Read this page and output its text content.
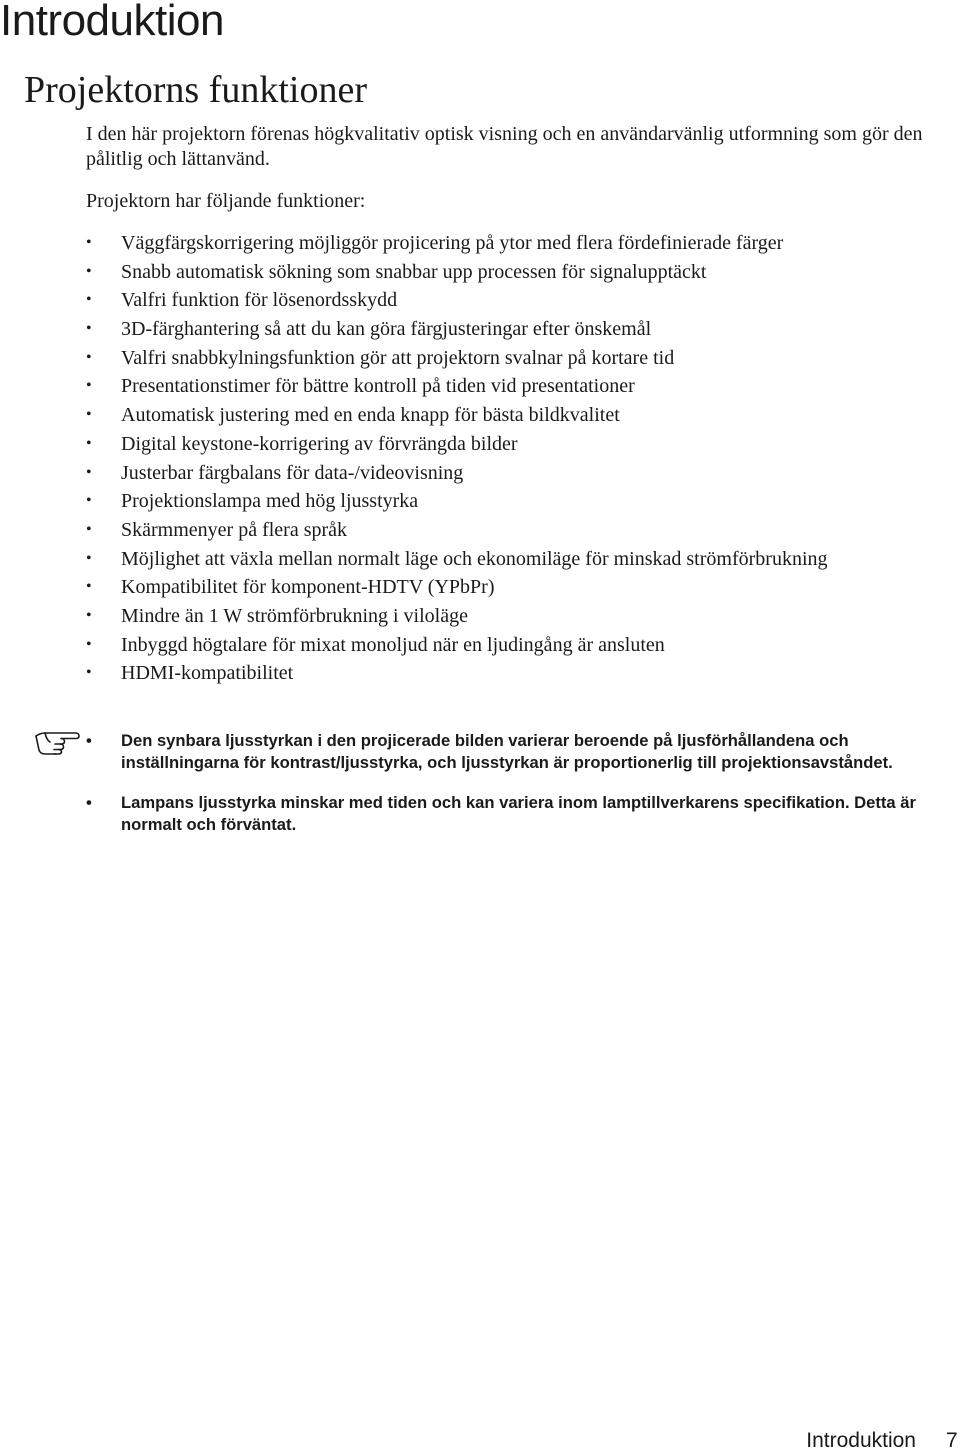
Introduktion
Projektorns funktioner

I den här projektorn förenas högkvalitativ optisk visning och en användarvänlig utformning som gör den pålitlig och lättanvänd.

Projektorn har följande funktioner:

• Väggfärgskorrigering möjliggör projicering på ytor med flera fördefinierade färger
• Snabb automatisk sökning som snabbar upp processen för signalupptäckt
• Valfri funktion för lösenordsskydd
• 3D-färghantering så att du kan göra färgjusteringar efter önskemål
• Valfri snabbkylningsfunktion gör att projektorn svalnar på kortare tid
• Presentationstimer för bättre kontroll på tiden vid presentationer
• Automatisk justering med en enda knapp för bästa bildkvalitet
• Digital keystone-korrigering av förvrängda bilder
• Justerbar färgbalans för data-/videovisning
• Projektionslampa med hög ljusstyrka
• Skärmmenyer på flera språk
• Möjlighet att växla mellan normalt läge och ekonomiläge för minskad strömförbrukning
• Kompatibilitet för komponent-HDTV (YPbPr)
• Mindre än 1 W strömförbrukning i viloläge
• Inbyggd högtalare för mixat monoljud när en ljudingång är ansluten
• HDMI-kompatibilitet
• Den synbara ljusstyrkan i den projicerade bilden varierar beroende på ljusförhållandena och inställningarna för kontrast/ljusstyrka, och ljusstyrkan är proportionerlig till projektionsavståndet.
• Lampans ljusstyrka minskar med tiden och kan variera inom lamptillverkarens specifikation. Detta är normalt och förväntat.
Introduktion 7
